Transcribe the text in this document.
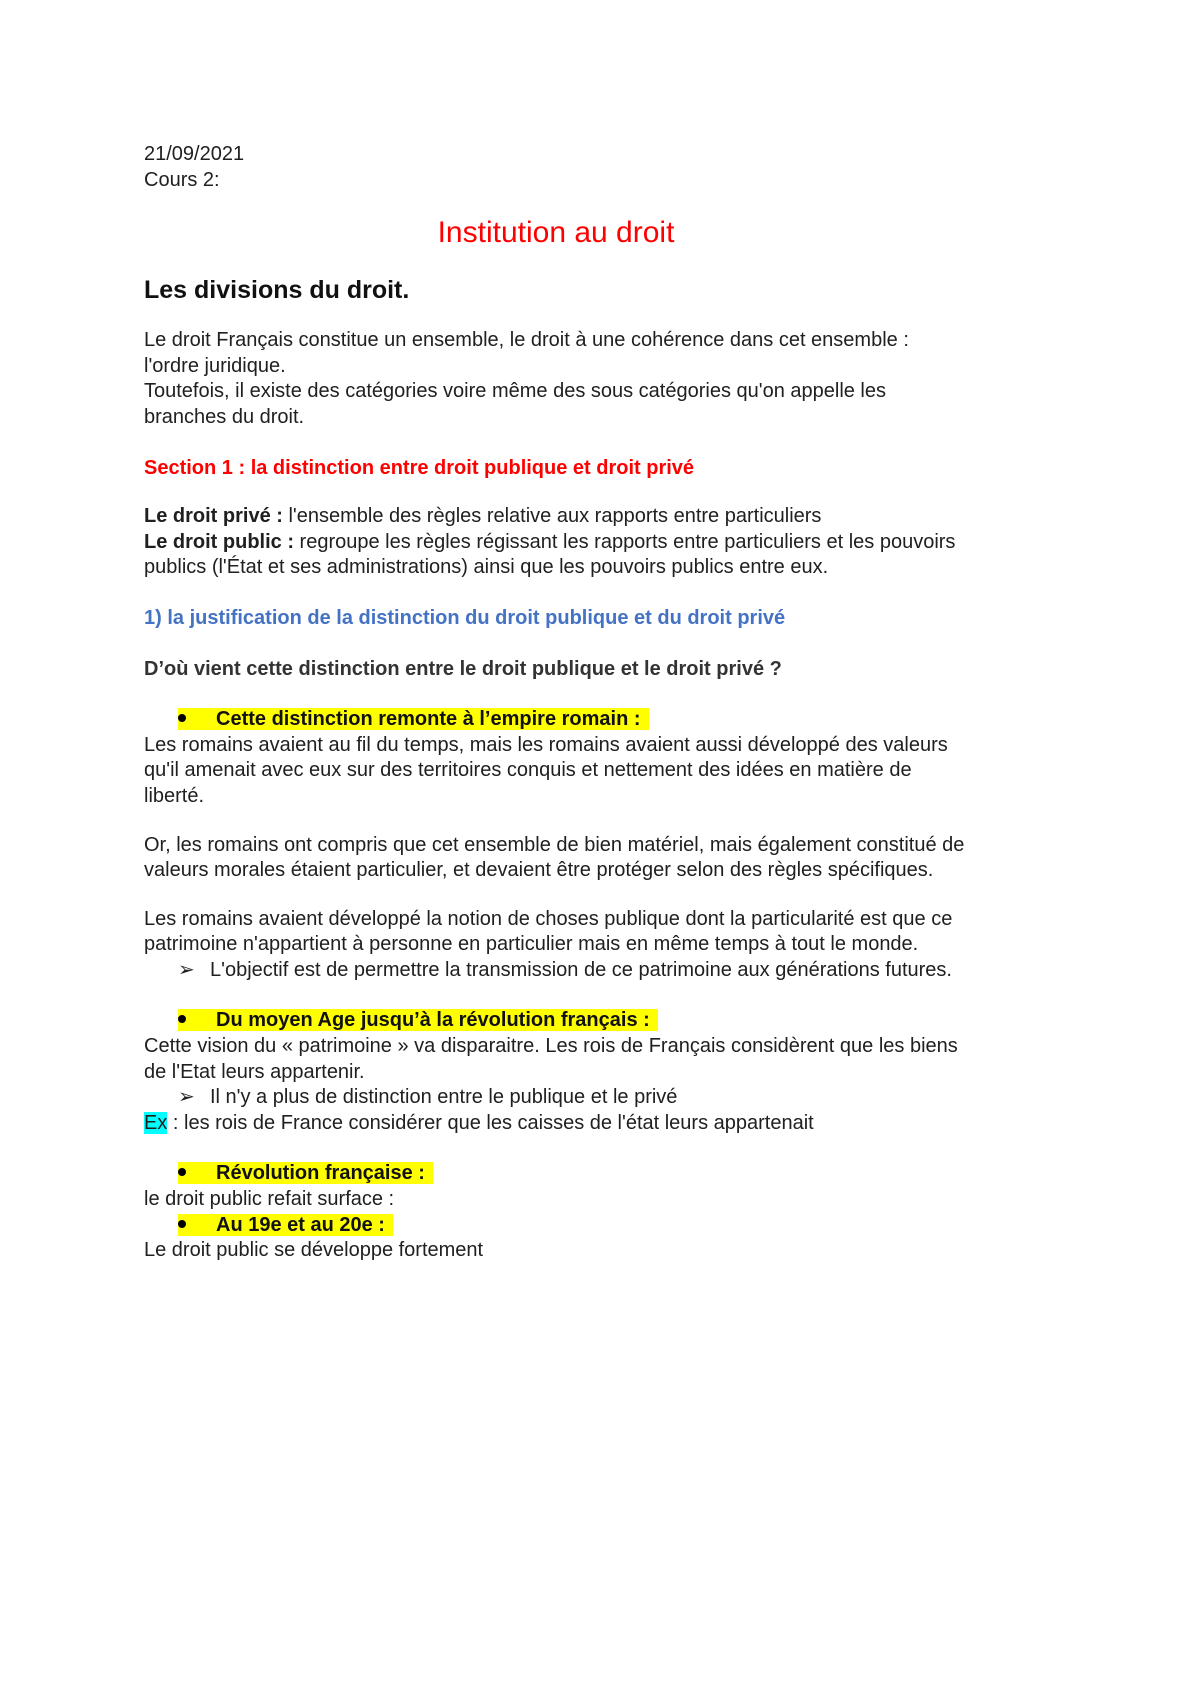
21/09/2021
Cours 2:
Institution au droit
Les divisions du droit.
Le droit Français constitue un ensemble, le droit à une cohérence dans cet ensemble :
l'ordre juridique.
Toutefois, il existe des catégories voire même des sous catégories qu'on appelle les
branches du droit.
Section 1 : la distinction entre droit publique et droit privé
Le droit privé : l'ensemble des règles relative aux rapports entre particuliers
Le droit public : regroupe les règles régissant les rapports entre particuliers et les pouvoirs
publics (l'État et ses administrations) ainsi que les pouvoirs publics entre eux.
1) la justification de la distinction du droit publique et du droit privé
D’où vient cette distinction entre le droit publique et le droit privé ?
Cette distinction remonte à l’empire romain :
Les romains avaient au fil du temps, mais les romains avaient aussi développé des valeurs
qu'il amenait avec eux sur des territoires conquis et nettement des idées en matière de
liberté.
Or, les romains ont compris que cet ensemble de bien matériel, mais également constitué de
valeurs morales étaient particulier, et devaient être protéger selon des règles spécifiques.
Les romains avaient développé la notion de choses publique dont la particularité est que ce
patrimoine n'appartient à personne en particulier mais en même temps à tout le monde.
➢ L'objectif est de permettre la transmission de ce patrimoine aux générations futures.
Du moyen Age jusqu’à la révolution français :
Cette vision du « patrimoine » va disparaitre. Les rois de Français considèrent que les biens
de l'Etat leurs appartenir.
➢ Il n'y a plus de distinction entre le publique et le privé
Ex : les rois de France considérer que les caisses de l'état leurs appartenait
Révolution française :
le droit public refait surface :
Au 19e et au 20e :
Le droit public se développe fortement
